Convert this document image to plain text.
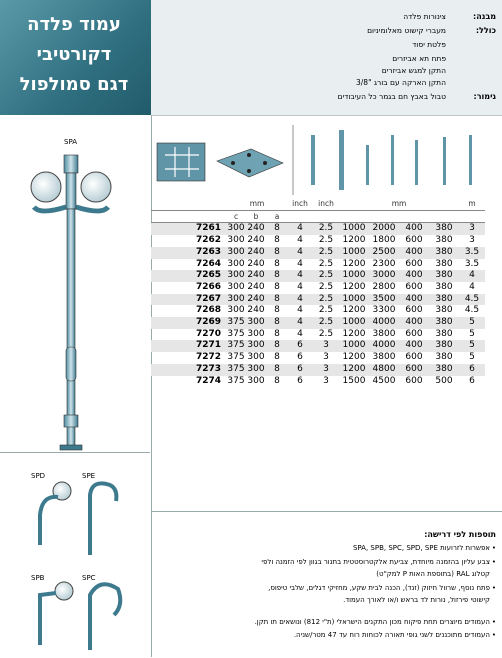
עמוד פלדה
דקורטיבי
דגם סמולפול
מבנה:
צינורות פלדה
כולל:
מעברי קישוט מאלומיניום
פלטת יסוד
פתח תא אביזרים
התקן למגש אביזרים
התקן הארקה עם בורג "3/8
גימור:
טבול באבץ חם בגמר כל העיבודים
SPA
SPD	SPE
SPB	SPC
	mm			inch	inch	mm				m
	c	b	a							
7261	300	240	8	4	2.5	1000	2000	400	380	3
7262	300	240	8	4	2.5	1200	1800	600	380	3
7263	300	240	8	4	2.5	1000	2500	400	380	3.5
7264	300	240	8	4	2.5	1200	2300	600	380	3.5
7265	300	240	8	4	2.5	1000	3000	400	380	4
7266	300	240	8	4	2.5	1200	2800	600	380	4
7267	300	240	8	4	2.5	1000	3500	400	380	4.5
7268	300	240	8	4	2.5	1200	3300	600	380	4.5
7269	375	300	8	4	2.5	1000	4000	400	380	5
7270	375	300	8	4	2.5	1200	3800	600	380	5
7271	375	300	8	6	3	1000	4000	400	380	5
7272	375	300	8	6	3	1200	3800	600	380	5
7273	375	300	8	6	3	1200	4800	600	380	6
7274	375	300	8	6	3	1500	4500	600	500	6
תוספות לפי דרישה:
אפשרות לזרועות SPA, SPB, SPC, SPD, SPE •
צבע עליון בהזמנה מיוחדת, צביעת אלקטרוסטטית בתנור בגוון לפי הזמנה ולפי •
קטלוג RAL (בתוספת האות P למק"ט)
פתח נוסף, שרוול חיזוק (זנד), הכנה לבית שקע, מחזיקי דגלים, שלבי טיפוס, •
קישוטי פירזול, נורות לד בראש ו/או לאורך העמוד.
העמודים מיוצרים תחת פיקוח מכון התקנים הישראלי (ת"י 812) ונושאים תו תקן. •
העמודים מתוכננים לשני גופי תאורה לכוחות רוח עד 47 מטר/שניה. •
